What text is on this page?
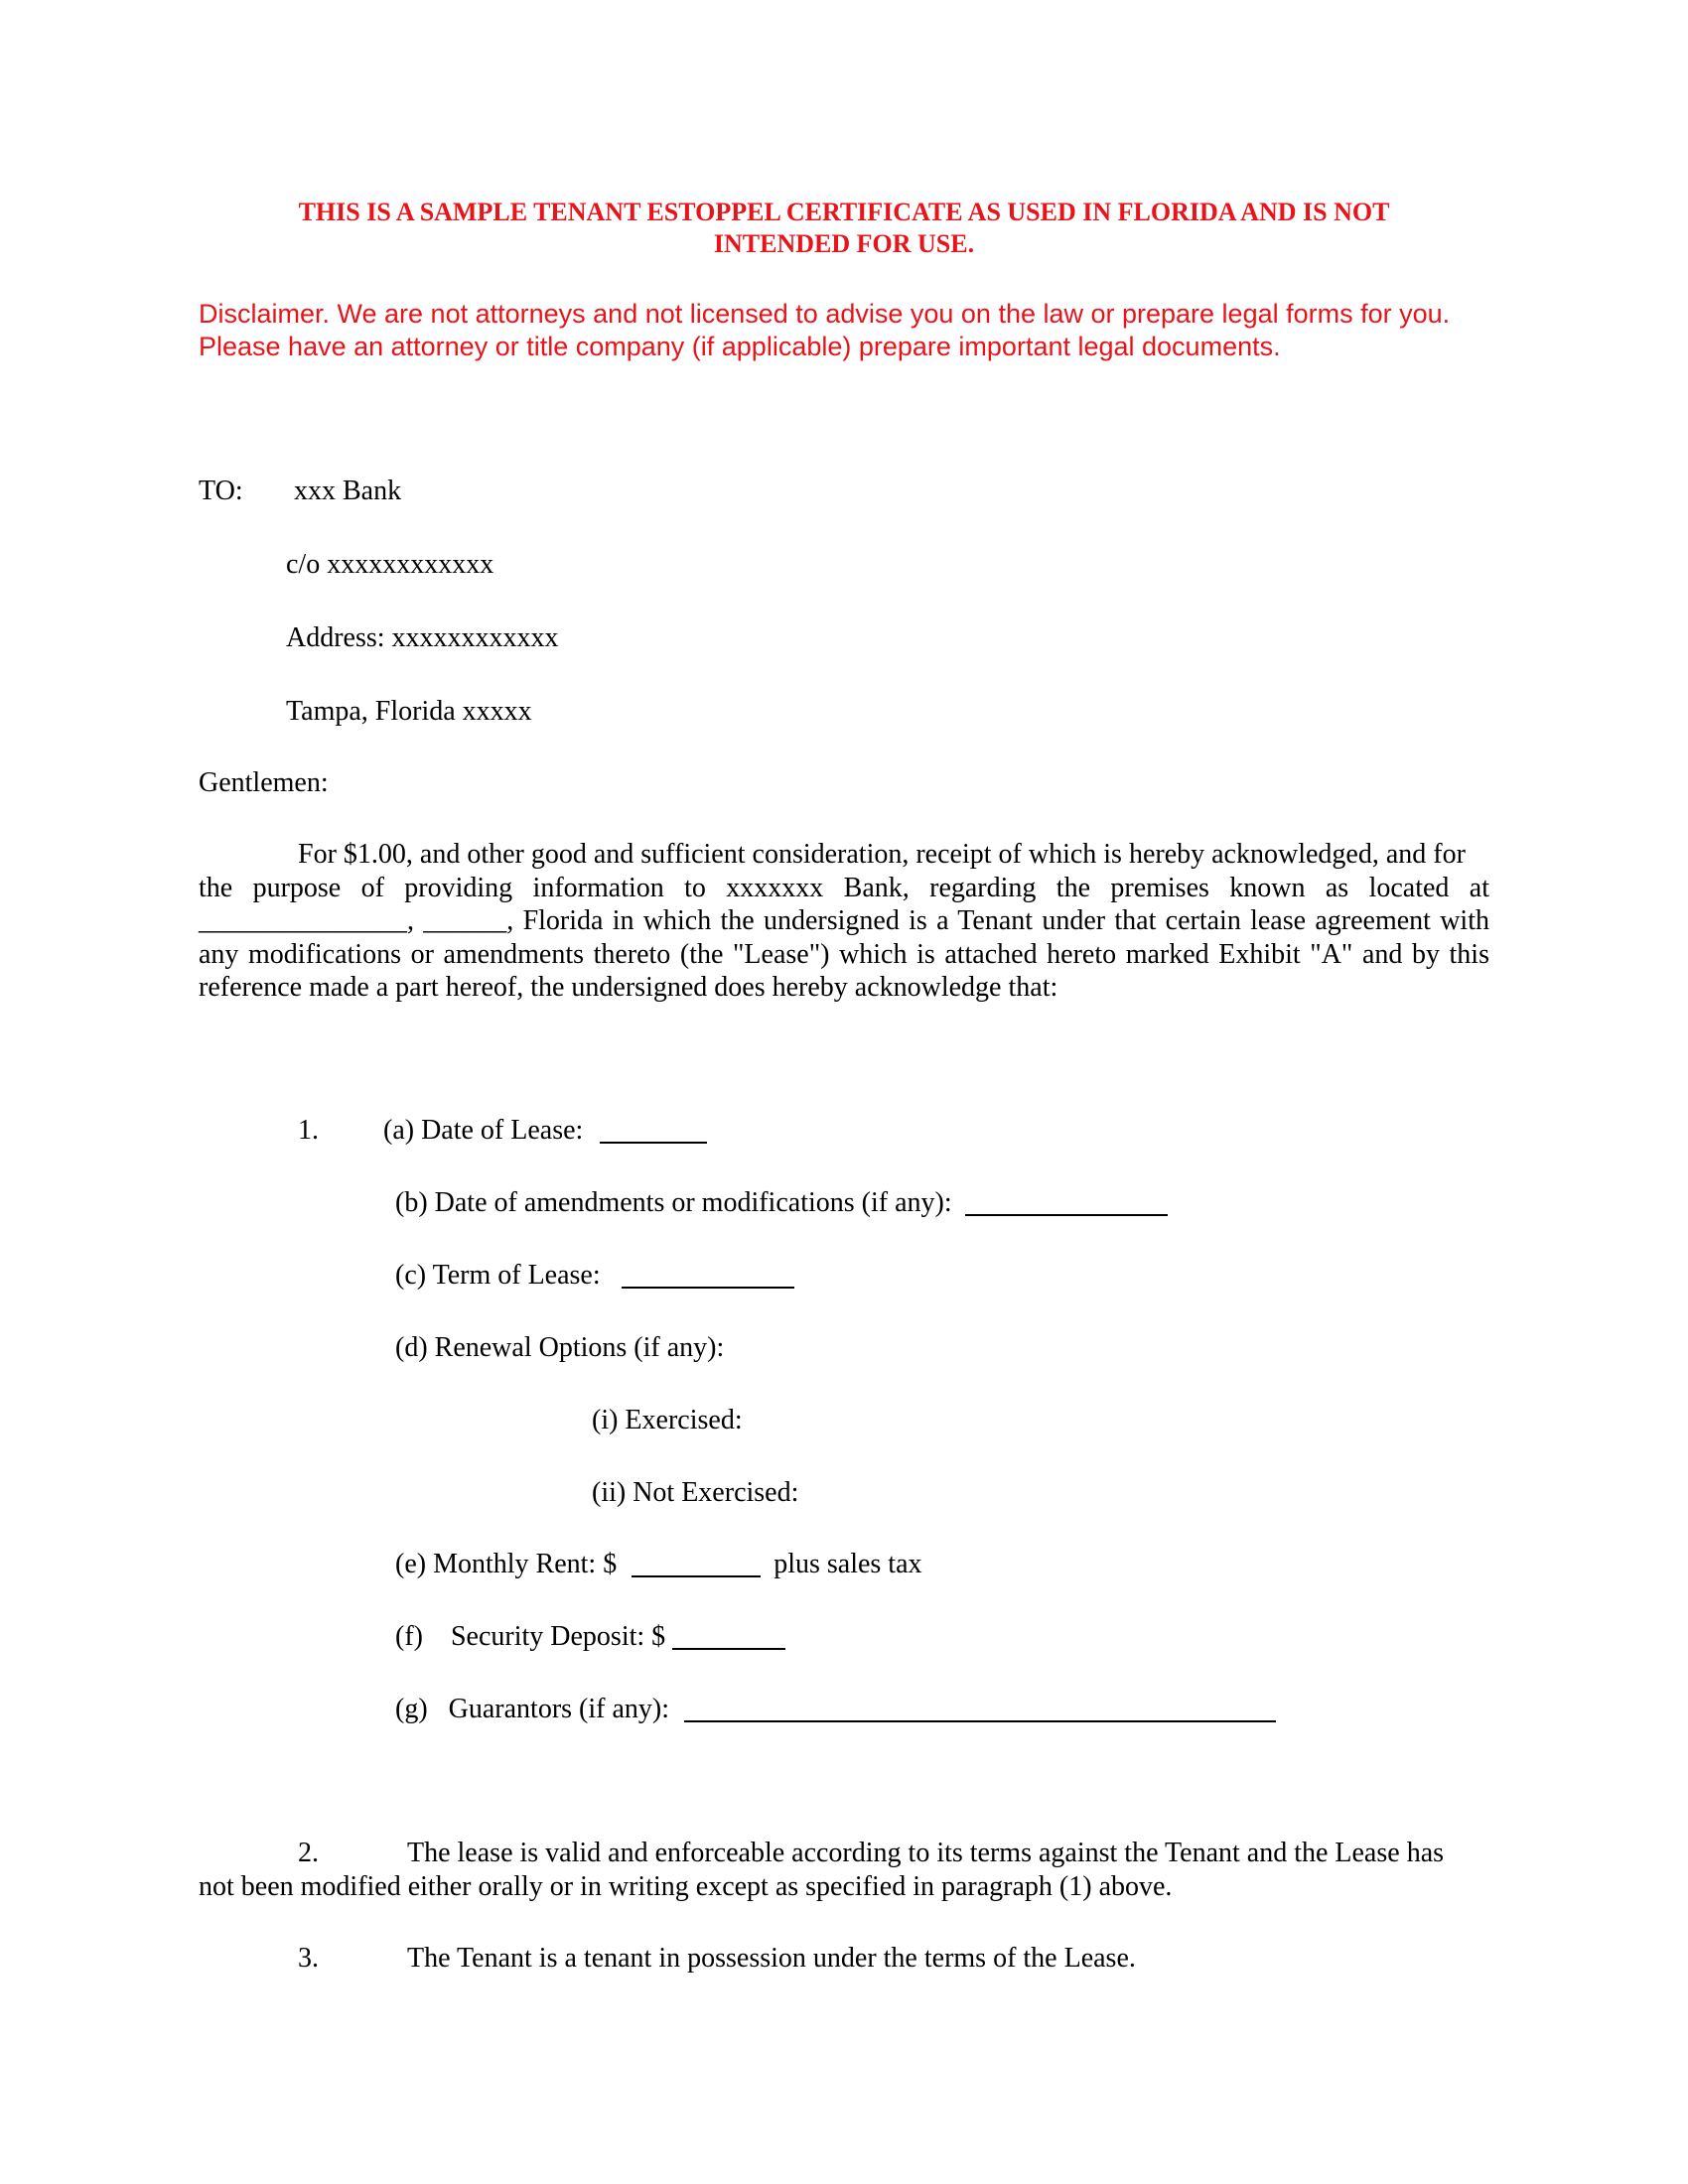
THIS IS A SAMPLE TENANT ESTOPPEL CERTIFICATE AS USED IN FLORIDA AND IS NOT
INTENDED FOR USE.
Disclaimer. We are not attorneys and not licensed to advise you on the law or prepare legal forms for you.
Please have an attorney or title company (if applicable) prepare important legal documents.
TO: xxx Bank
c/o xxxxxxxxxxxx
Address: xxxxxxxxxxxx
Tampa, Florida xxxxx
Gentlemen:
For $1.00, and other good and sufficient consideration, receipt of which is hereby acknowledged, and for
the purpose of providing information to xxxxxxx Bank, regarding the premises known as located at
_______________, ______, Florida in which the undersigned is a Tenant under that certain lease agreement with
any modifications or amendments thereto (the "Lease") which is attached hereto marked Exhibit "A" and by this
reference made a part hereof, the undersigned does hereby acknowledge that:
1. (a) Date of Lease:
(b) Date of amendments or modifications (if any):
(c) Term of Lease:
(d) Renewal Options (if any):
(i) Exercised:
(ii) Not Exercised:
(e) Monthly Rent: $	plus sales tax
(f)    Security Deposit: $
(g)   Guarantors (if any):
2.	The lease is valid and enforceable according to its terms against the Tenant and the Lease has
not been modified either orally or in writing except as specified in paragraph (1) above.
3.	The Tenant is a tenant in possession under the terms of the Lease.
